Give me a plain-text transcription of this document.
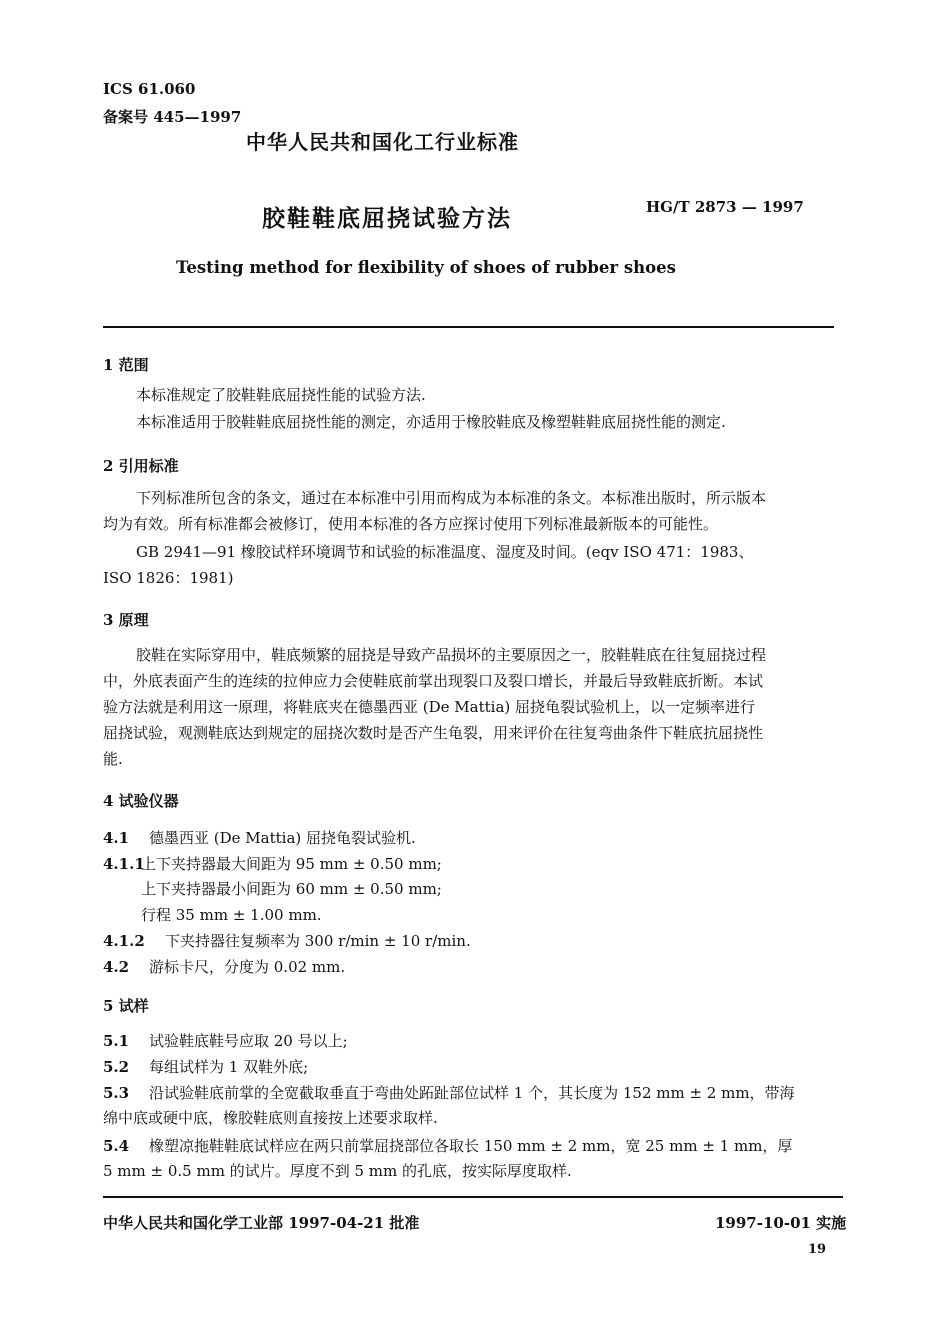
ICS 61.060
备案号 445—1997
中华人民共和国化工行业标准
胶鞋鞋底屈挠试验方法	HG/T 2873 — 1997
Testing method for flexibility of shoes of rubber shoes
1 范围
本标准规定了胶鞋鞋底屈挠性能的试验方法.
本标准适用于胶鞋鞋底屈挠性能的测定，亦适用于橡胶鞋底及橡塑鞋鞋底屈挠性能的测定.
2 引用标准
下列标准所包含的条文，通过在本标准中引用而构成为本标准的条文。本标准出版时，所示版本
均为有效。所有标准都会被修订，使用本标准的各方应探讨使用下列标准最新版本的可能性。
GB 2941—91 橡胶试样环境调节和试验的标准温度、湿度及时间。(eqv ISO 471：1983、
ISO 1826：1981)
3 原理
胶鞋在实际穿用中，鞋底频繁的屈挠是导致产品损坏的主要原因之一，胶鞋鞋底在往复屈挠过程
中，外底表面产生的连续的拉伸应力会使鞋底前掌出现裂口及裂口增长，并最后导致鞋底折断。本试
验方法就是利用这一原理，将鞋底夹在德墨西亚 (De Mattia) 屈挠龟裂试验机上，以一定频率进行
屈挠试验，观测鞋底达到规定的屈挠次数时是否产生龟裂，用来评价在往复弯曲条件下鞋底抗屈挠性
能.
4 试验仪器
4.1 德墨西亚 (De Mattia) 屈挠龟裂试验机.
4.1.1上下夹持器最大间距为 95 mm ± 0.50 mm;
上下夹持器最小间距为 60 mm ± 0.50 mm;
行程 35 mm ± 1.00 mm.
4.1.2 下夹持器往复频率为 300 r/min ± 10 r/min.
4.2 游标卡尺，分度为 0.02 mm.
5 试样
5.1 试验鞋底鞋号应取 20 号以上;
5.2 每组试样为 1 双鞋外底;
5.3 沿试验鞋底前掌的全宽截取垂直于弯曲处跖趾部位试样 1 个，其长度为 152 mm ± 2 mm，带海
绵中底或硬中底，橡胶鞋底则直接按上述要求取样.
5.4 橡塑凉拖鞋鞋底试样应在两只前掌屈挠部位各取长 150 mm ± 2 mm，宽 25 mm ± 1 mm，厚
5 mm ± 0.5 mm 的试片。厚度不到 5 mm 的孔底，按实际厚度取样.
中华人民共和国化学工业部 1997-04-21 批准	1997-10-01 实施
19
